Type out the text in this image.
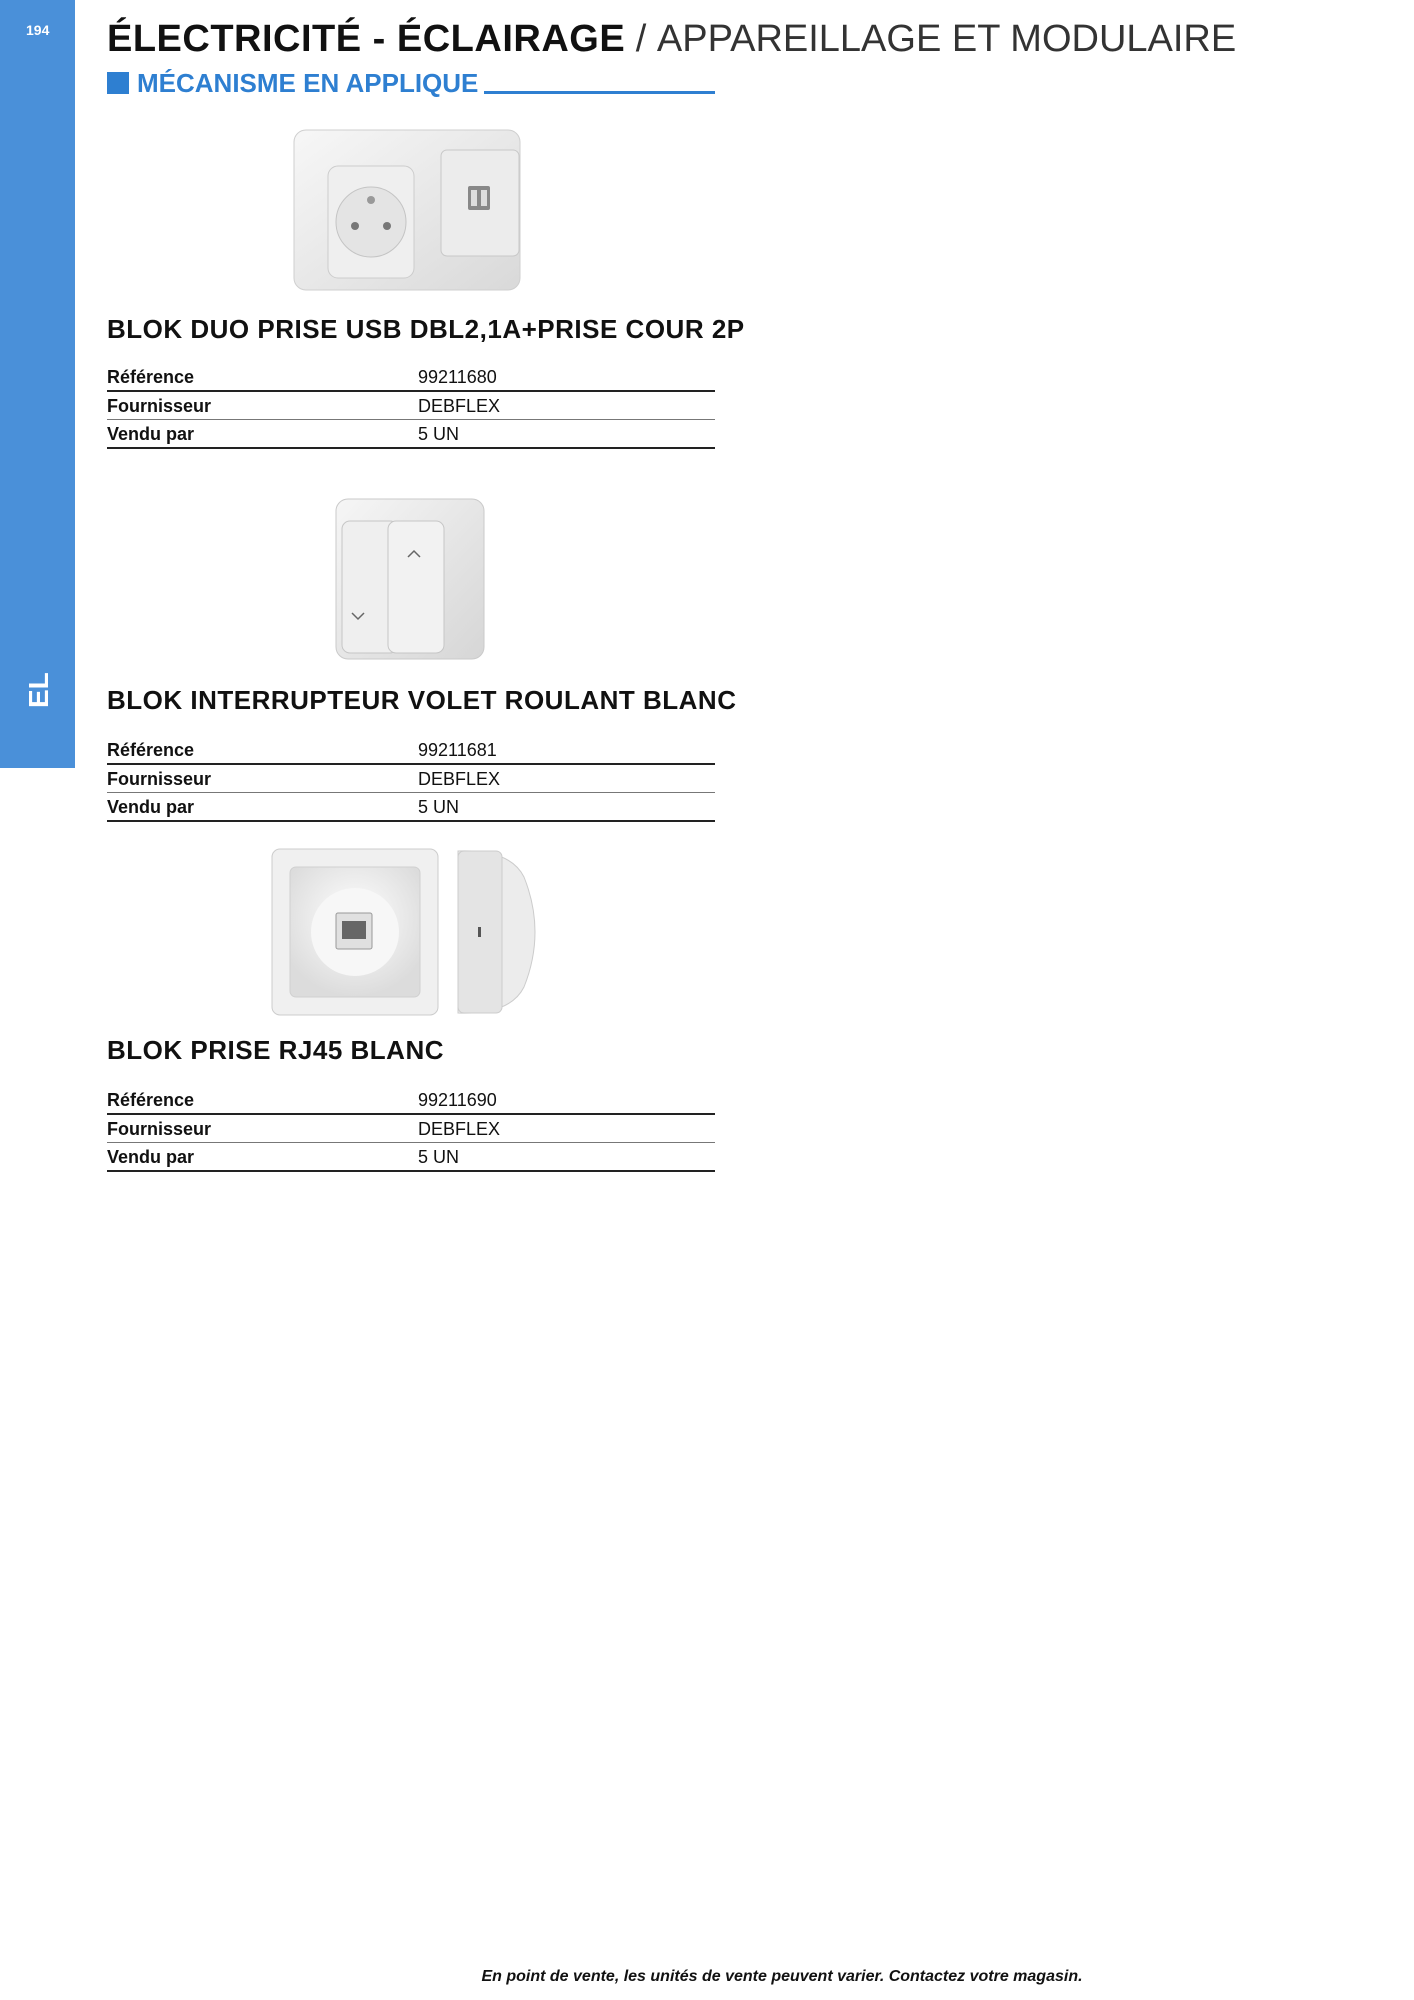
194
EL
ÉLECTRICITÉ - ÉCLAIRAGE / APPAREILLAGE ET MODULAIRE
MÉCANISME EN APPLIQUE
BLOK DUO PRISE USB DBL2,1A+PRISE COUR 2P
Référence	99211680
Fournisseur	DEBFLEX
Vendu par	5 UN
BLOK INTERRUPTEUR VOLET ROULANT BLANC
Référence	99211681
Fournisseur	DEBFLEX
Vendu par	5 UN
BLOK PRISE RJ45 BLANC
Référence	99211690
Fournisseur	DEBFLEX
Vendu par	5 UN
En point de vente, les unités de vente peuvent varier. Contactez votre magasin.
